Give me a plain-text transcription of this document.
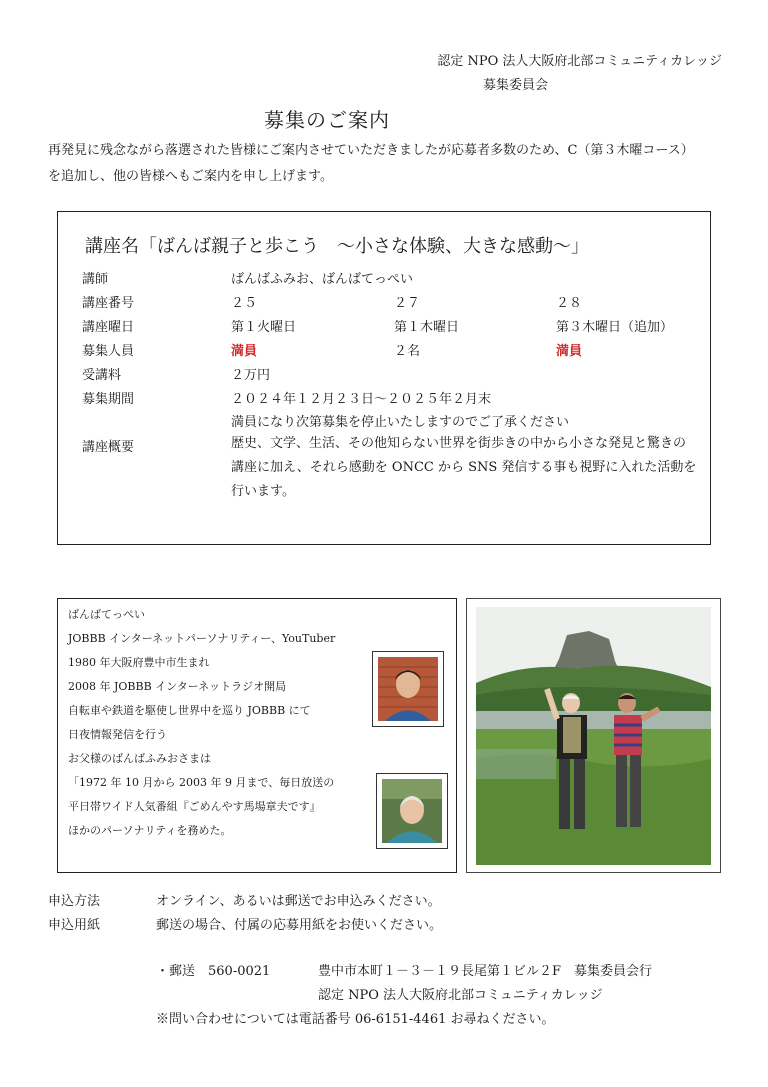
認定 NPO 法人大阪府北部コミュニティカレッジ
募集委員会
募集のご案内
再発見に残念ながら落選された皆様にご案内させていただきましたが応募者多数のため、C（第３木曜コース）
を追加し、他の皆様へもご案内を申し上げます。
講座名「ばんば親子と歩こう　～小さな体験、大きな感動～」
講師	ばんばふみお、ばんばてっぺい
講座番号	２５	２７	２８
講座曜日	第１火曜日	第１木曜日	第３木曜日（追加）
募集人員	満員	２名	満員
受講料	２万円
募集期間	２０２４年１２月２３日～２０２５年２月末
満員になり次第募集を停止いたしますのでご了承ください
講座概要	歴史、文学、生活、その他知らない世界を街歩きの中から小さな発見と驚きの
講座に加え、それら感動を ONCC から SNS 発信する事も視野に入れた活動を
行います。
ばんばてっぺい
JOBBB インターネットパーソナリティー、YouTuber
1980 年大阪府豊中市生まれ
2008 年 JOBBB インターネットラジオ開局
自転車や鉄道を駆使し世界中を巡り JOBBB にて
日夜情報発信を行う
お父様のばんばふみおさまは
「1972 年 10 月から 2003 年 9 月まで、毎日放送の
平日帯ワイド人気番組『ごめんやす馬場章夫です』
ほかのパーソナリティを務めた。
申込方法	オンライン、あるいは郵送でお申込みください。
申込用紙	郵送の場合、付属の応募用紙をお使いください。
・郵送　560-0021	豊中市本町１－３－１９長尾第１ビル２F　募集委員会行
認定 NPO 法人大阪府北部コミュニティカレッジ
※問い合わせについては電話番号 06-6151-4461 お尋ねください。
